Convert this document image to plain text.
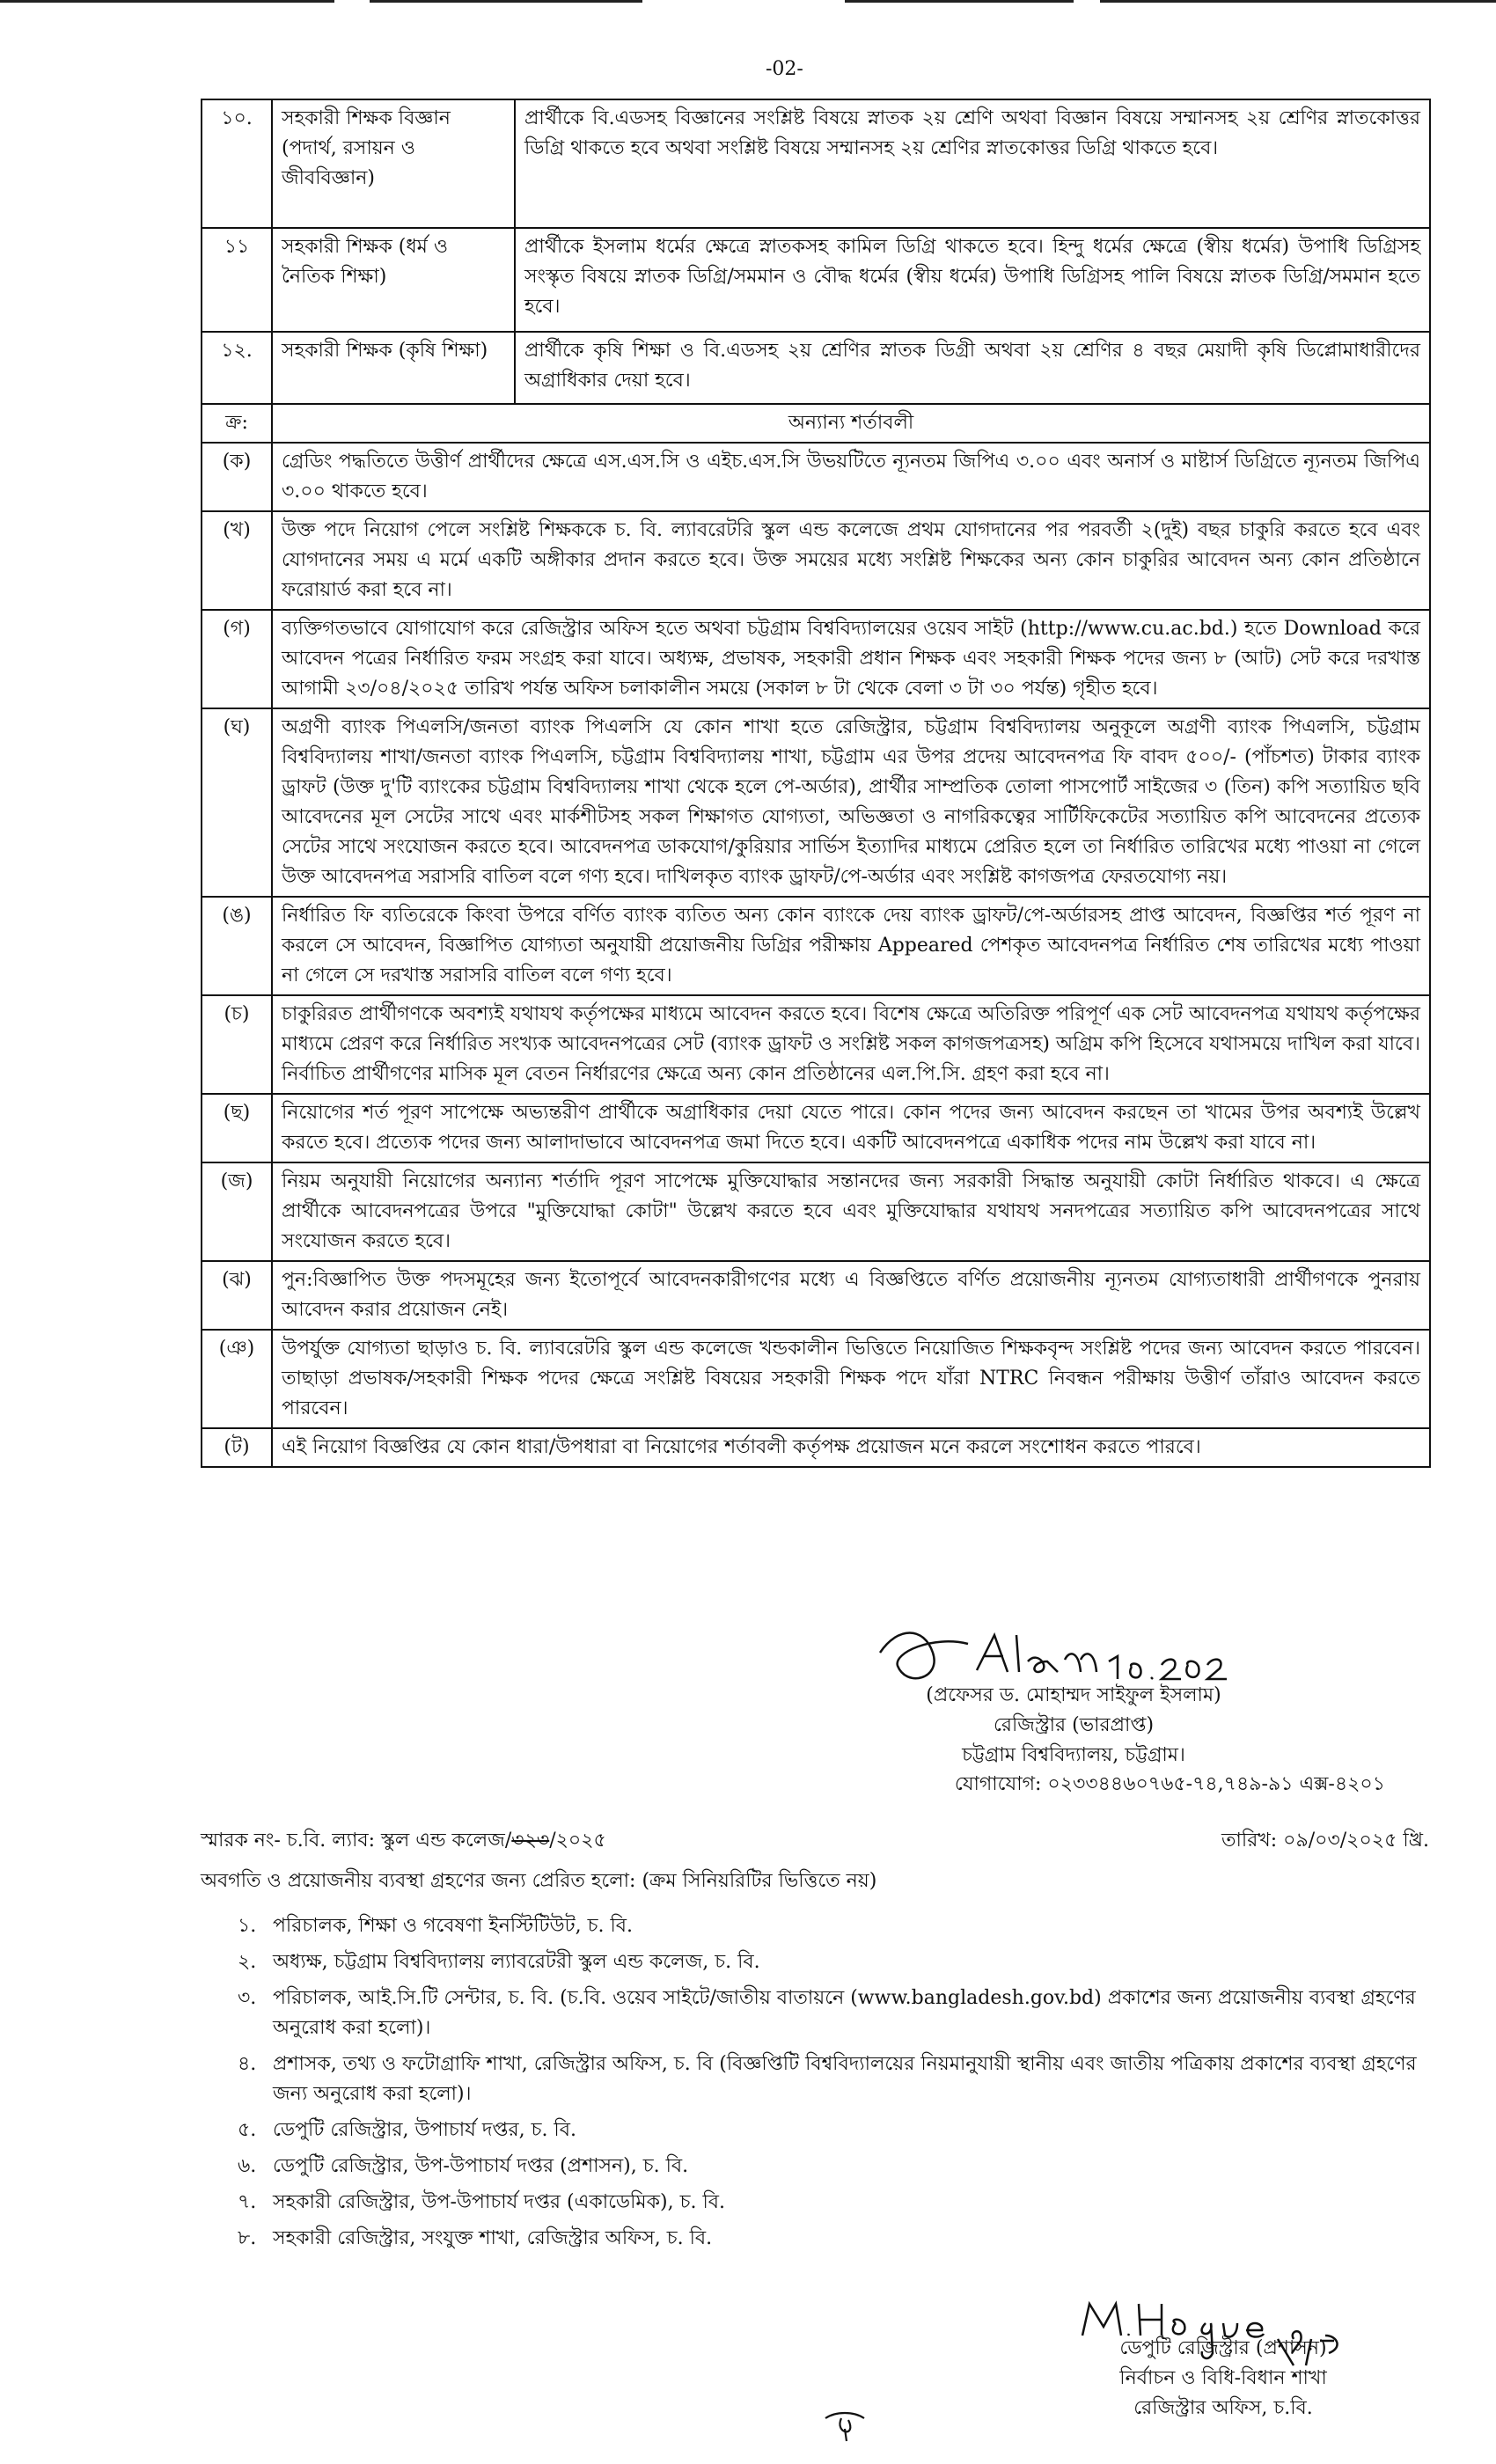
-02-
১০.	সহকারী শিক্ষক বিজ্ঞান (পদার্থ, রসায়ন ও জীববিজ্ঞান)	প্রার্থীকে বি.এডসহ বিজ্ঞানের সংশ্লিষ্ট বিষয়ে স্নাতক ২য় শ্রেণি অথবা বিজ্ঞান বিষয়ে সম্মানসহ ২য় শ্রেণির স্নাতকোত্তর ডিগ্রি থাকতে হবে অথবা সংশ্লিষ্ট বিষয়ে সম্মানসহ ২য় শ্রেণির স্নাতকোত্তর ডিগ্রি থাকতে হবে।
১১	সহকারী শিক্ষক (ধর্ম ও নৈতিক শিক্ষা)	প্রার্থীকে ইসলাম ধর্মের ক্ষেত্রে স্নাতকসহ কামিল ডিগ্রি থাকতে হবে। হিন্দু ধর্মের ক্ষেত্রে (স্বীয় ধর্মের) উপাধি ডিগ্রিসহ সংস্কৃত বিষয়ে স্নাতক ডিগ্রি/সমমান ও বৌদ্ধ ধর্মের (স্বীয় ধর্মের) উপাধি ডিগ্রিসহ পালি বিষয়ে স্নাতক ডিগ্রি/সমমান হতে হবে।
১২.	সহকারী শিক্ষক (কৃষি শিক্ষা)	প্রার্থীকে কৃষি শিক্ষা ও বি.এডসহ ২য় শ্রেণির স্নাতক ডিগ্রী অথবা ২য় শ্রেণির ৪ বছর মেয়াদী কৃষি ডিপ্লোমাধারীদের অগ্রাধিকার দেয়া হবে।
ক্র:	অন্যান্য শর্তাবলী	
(ক)	গ্রেডিং পদ্ধতিতে উত্তীর্ণ প্রার্থীদের ক্ষেত্রে এস.এস.সি ও এইচ.এস.সি উভয়টিতে ন্যূনতম জিপিএ ৩.০০ এবং অনার্স ও মাষ্টার্স ডিগ্রিতে ন্যূনতম জিপিএ ৩.০০ থাকতে হবে।	
(খ)	উক্ত পদে নিয়োগ পেলে সংশ্লিষ্ট শিক্ষককে চ. বি. ল্যাবরেটরি স্কুল এন্ড কলেজে প্রথম যোগদানের পর পরবর্তী ২(দুই) বছর চাকুরি করতে হবে এবং যোগদানের সময় এ মর্মে একটি অঙ্গীকার প্রদান করতে হবে। উক্ত সময়ের মধ্যে সংশ্লিষ্ট শিক্ষকের অন্য কোন চাকুরির আবেদন অন্য কোন প্রতিষ্ঠানে ফরোয়ার্ড করা হবে না।	
(গ)	ব্যক্তিগতভাবে যোগাযোগ করে রেজিস্ট্রার অফিস হতে অথবা চট্টগ্রাম বিশ্ববিদ্যালয়ের ওয়েব সাইট (http://www.cu.ac.bd.) হতে Download করে আবেদন পত্রের নির্ধারিত ফরম সংগ্রহ করা যাবে। অধ্যক্ষ, প্রভাষক, সহকারী প্রধান শিক্ষক এবং সহকারী শিক্ষক পদের জন্য ৮ (আট) সেট করে দরখাস্ত আগামী ২৩/০৪/২০২৫ তারিখ পর্যন্ত অফিস চলাকালীন সময়ে (সকাল ৮ টা থেকে বেলা ৩ টা ৩০ পর্যন্ত) গৃহীত হবে।	
(ঘ)	অগ্রণী ব্যাংক পিএলসি/জনতা ব্যাংক পিএলসি যে কোন শাখা হতে রেজিস্ট্রার, চট্টগ্রাম বিশ্ববিদ্যালয় অনুকূলে অগ্রণী ব্যাংক পিএলসি, চট্টগ্রাম বিশ্ববিদ্যালয় শাখা/জনতা ব্যাংক পিএলসি, চট্টগ্রাম বিশ্ববিদ্যালয় শাখা, চট্টগ্রাম এর উপর প্রদেয় আবেদনপত্র ফি বাবদ ৫০০/- (পাঁচশত) টাকার ব্যাংক ড্রাফট (উক্ত দু'টি ব্যাংকের চট্টগ্রাম বিশ্ববিদ্যালয় শাখা থেকে হলে পে-অর্ডার), প্রার্থীর সাম্প্রতিক তোলা পাসপোর্ট সাইজের ৩ (তিন) কপি সত্যায়িত ছবি আবেদনের মূল সেটের সাথে এবং মার্কশীটসহ সকল শিক্ষাগত যোগ্যতা, অভিজ্ঞতা ও নাগরিকত্বের সার্টিফিকেটের সত্যায়িত কপি আবেদনের প্রত্যেক সেটের সাথে সংযোজন করতে হবে। আবেদনপত্র ডাকযোগ/কুরিয়ার সার্ভিস ইত্যাদির মাধ্যমে প্রেরিত হলে তা নির্ধারিত তারিখের মধ্যে পাওয়া না গেলে উক্ত আবেদনপত্র সরাসরি বাতিল বলে গণ্য হবে। দাখিলকৃত ব্যাংক ড্রাফট/পে-অর্ডার এবং সংশ্লিষ্ট কাগজপত্র ফেরতযোগ্য নয়।	
(ঙ)	নির্ধারিত ফি ব্যতিরেকে কিংবা উপরে বর্ণিত ব্যাংক ব্যতিত অন্য কোন ব্যাংকে দেয় ব্যাংক ড্রাফট/পে-অর্ডারসহ প্রাপ্ত আবেদন, বিজ্ঞপ্তির শর্ত পূরণ না করলে সে আবেদন, বিজ্ঞাপিত যোগ্যতা অনুযায়ী প্রয়োজনীয় ডিগ্রির পরীক্ষায় Appeared পেশকৃত আবেদনপত্র নির্ধারিত শেষ তারিখের মধ্যে পাওয়া না গেলে সে দরখাস্ত সরাসরি বাতিল বলে গণ্য হবে।	
(চ)	চাকুরিরত প্রার্থীগণকে অবশ্যই যথাযথ কর্তৃপক্ষের মাধ্যমে আবেদন করতে হবে। বিশেষ ক্ষেত্রে অতিরিক্ত পরিপূর্ণ এক সেট আবেদনপত্র যথাযথ কর্তৃপক্ষের মাধ্যমে প্রেরণ করে নির্ধারিত সংখ্যক আবেদনপত্রের সেট (ব্যাংক ড্রাফট ও সংশ্লিষ্ট সকল কাগজপত্রসহ) অগ্রিম কপি হিসেবে যথাসময়ে দাখিল করা যাবে। নির্বাচিত প্রার্থীগণের মাসিক মূল বেতন নির্ধারণের ক্ষেত্রে অন্য কোন প্রতিষ্ঠানের এল.পি.সি. গ্রহণ করা হবে না।	
(ছ)	নিয়োগের শর্ত পূরণ সাপেক্ষে অভ্যন্তরীণ প্রার্থীকে অগ্রাধিকার দেয়া যেতে পারে। কোন পদের জন্য আবেদন করছেন তা খামের উপর অবশ্যই উল্লেখ করতে হবে। প্রত্যেক পদের জন্য আলাদাভাবে আবেদনপত্র জমা দিতে হবে। একটি আবেদনপত্রে একাধিক পদের নাম উল্লেখ করা যাবে না।	
(জ)	নিয়ম অনুযায়ী নিয়োগের অন্যান্য শর্তাদি পূরণ সাপেক্ষে মুক্তিযোদ্ধার সন্তানদের জন্য সরকারী সিদ্ধান্ত অনুযায়ী কোটা নির্ধারিত থাকবে। এ ক্ষেত্রে প্রার্থীকে আবেদনপত্রের উপরে "মুক্তিযোদ্ধা কোটা" উল্লেখ করতে হবে এবং মুক্তিযোদ্ধার যথাযথ সনদপত্রের সত্যায়িত কপি আবেদনপত্রের সাথে সংযোজন করতে হবে।	
(ঝ)	পুন:বিজ্ঞাপিত উক্ত পদসমূহের জন্য ইতোপূর্বে আবেদনকারীগণের মধ্যে এ বিজ্ঞপ্তিতে বর্ণিত প্রয়োজনীয় ন্যূনতম যোগ্যতাধারী প্রার্থীগণকে পুনরায় আবেদন করার প্রয়োজন নেই।	
(ঞ)	উপর্যুক্ত যোগ্যতা ছাড়াও চ. বি. ল্যাবরেটরি স্কুল এন্ড কলেজে খন্ডকালীন ভিত্তিতে নিয়োজিত শিক্ষকবৃন্দ সংশ্লিষ্ট পদের জন্য আবেদন করতে পারবেন। তাছাড়া প্রভাষক/সহকারী শিক্ষক পদের ক্ষেত্রে সংশ্লিষ্ট বিষয়ের সহকারী শিক্ষক পদে যাঁরা NTRC নিবন্ধন পরীক্ষায় উত্তীর্ণ তাঁরাও আবেদন করতে পারবেন।	
(ট)	এই নিয়োগ বিজ্ঞপ্তির যে কোন ধারা/উপধারা বা নিয়োগের শর্তাবলী কর্তৃপক্ষ প্রয়োজন মনে করলে সংশোধন করতে পারবে।	
(প্রফেসর ড. মোহাম্মদ সাইফুল ইসলাম)
রেজিস্ট্রার (ভারপ্রাপ্ত)
চট্টগ্রাম বিশ্ববিদ্যালয়, চট্টগ্রাম।
যোগাযোগ: ০২৩৩৪৪৬০৭৬৫-৭৪,৭৪৯-৯১ এক্স-৪২০১
স্মারক নং- চ.বি. ল্যাব: স্কুল এন্ড কলেজ/৩২৩/২০২৫	তারিখ: ০৯/০৩/২০২৫ খ্রি.
অবগতি ও প্রয়োজনীয় ব্যবস্থা গ্রহণের জন্য প্রেরিত হলো: (ক্রম সিনিয়রিটির ভিত্তিতে নয়)
১. পরিচালক, শিক্ষা ও গবেষণা ইনস্টিটিউট, চ. বি.
২. অধ্যক্ষ, চট্টগ্রাম বিশ্ববিদ্যালয় ল্যাবরেটরী স্কুল এন্ড কলেজ, চ. বি.
৩. পরিচালক, আই.সি.টি সেন্টার, চ. বি. (চ.বি. ওয়েব সাইটে/জাতীয় বাতায়নে (www.bangladesh.gov.bd) প্রকাশের জন্য প্রয়োজনীয় ব্যবস্থা গ্রহণের অনুরোধ করা হলো)।
৪. প্রশাসক, তথ্য ও ফটোগ্রাফি শাখা, রেজিস্ট্রার অফিস, চ. বি (বিজ্ঞপ্তিটি বিশ্ববিদ্যালয়ের নিয়মানুযায়ী স্থানীয় এবং জাতীয় পত্রিকায় প্রকাশের ব্যবস্থা গ্রহণের জন্য অনুরোধ করা হলো)।
৫. ডেপুটি রেজিস্ট্রার, উপাচার্য দপ্তর, চ. বি.
৬. ডেপুটি রেজিস্ট্রার, উপ-উপাচার্য দপ্তর (প্রশাসন), চ. বি.
৭. সহকারী রেজিস্ট্রার, উপ-উপাচার্য দপ্তর (একাডেমিক), চ. বি.
৮. সহকারী রেজিস্ট্রার, সংযুক্ত শাখা, রেজিস্ট্রার অফিস, চ. বি.
ডেপুটি রেজিস্ট্রার (প্রশাসন)
নির্বাচন ও বিধি-বিধান শাখা
রেজিস্ট্রার অফিস, চ.বি.
